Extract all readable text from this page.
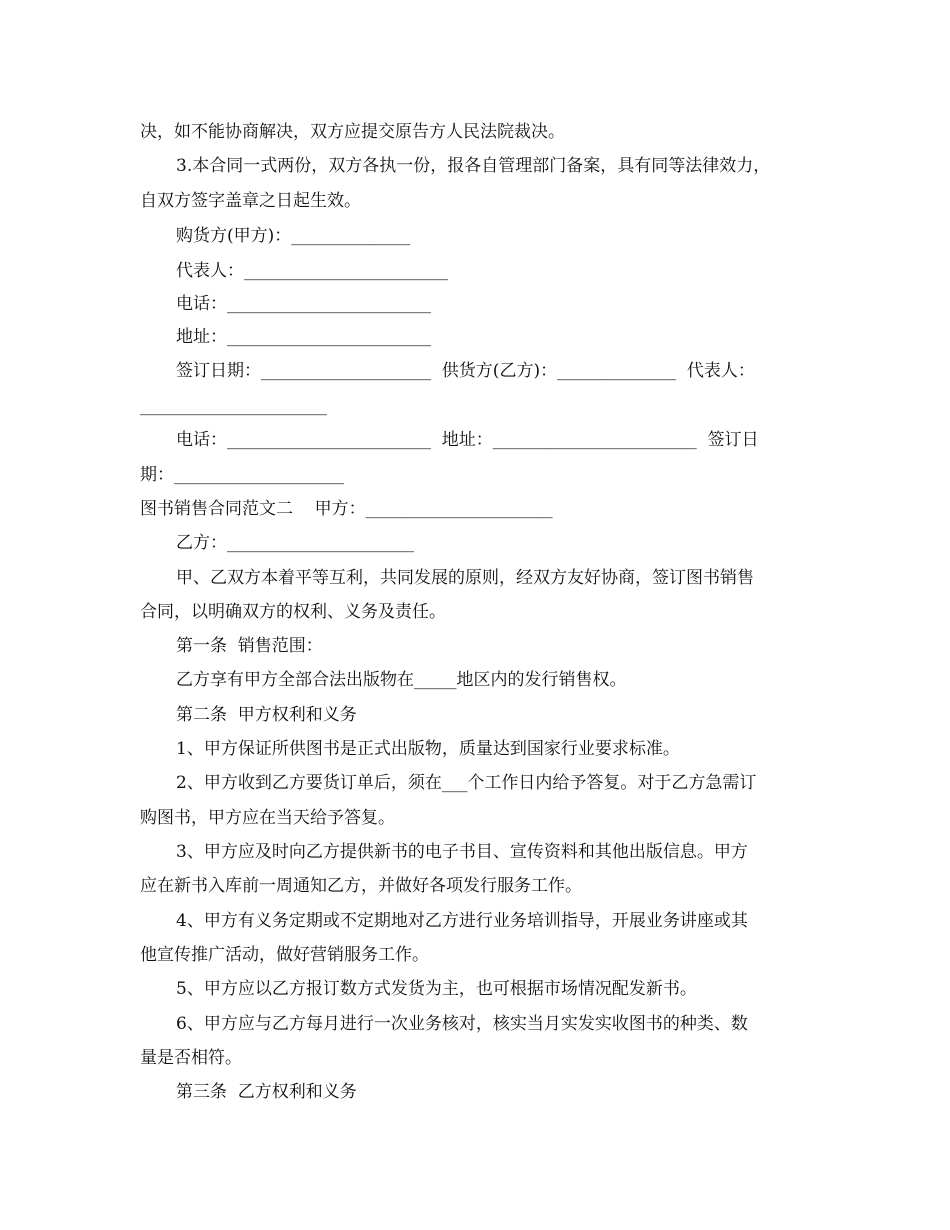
决，如不能协商解决，双方应提交原告方人民法院裁决。
3.本合同一式两份，双方各执一份，报各自管理部门备案，具有同等法律效力，
自双方签字盖章之日起生效。
购货方(甲方)：______________
代表人：________________________
电话：________________________
地址：________________________
签订日期：____________________  供货方(乙方)：______________  代表人：
______________________
电话：________________________  地址：________________________  签订日
期：____________________
图书销售合同范文二    甲方：______________________
乙方：______________________
甲、乙双方本着平等互利，共同发展的原则，经双方友好协商，签订图书销售
合同，以明确双方的权利、义务及责任。
第一条  销售范围：
乙方享有甲方全部合法出版物在_____地区内的发行销售权。
第二条  甲方权利和义务
1、甲方保证所供图书是正式出版物，质量达到国家行业要求标准。
2、甲方收到乙方要货订单后，须在___个工作日内给予答复。对于乙方急需订
购图书，甲方应在当天给予答复。
3、甲方应及时向乙方提供新书的电子书目、宣传资料和其他出版信息。甲方
应在新书入库前一周通知乙方，并做好各项发行服务工作。
4、甲方有义务定期或不定期地对乙方进行业务培训指导，开展业务讲座或其
他宣传推广活动，做好营销服务工作。
5、甲方应以乙方报订数方式发货为主，也可根据市场情况配发新书。
6、甲方应与乙方每月进行一次业务核对，核实当月实发实收图书的种类、数
量是否相符。
第三条  乙方权利和义务
